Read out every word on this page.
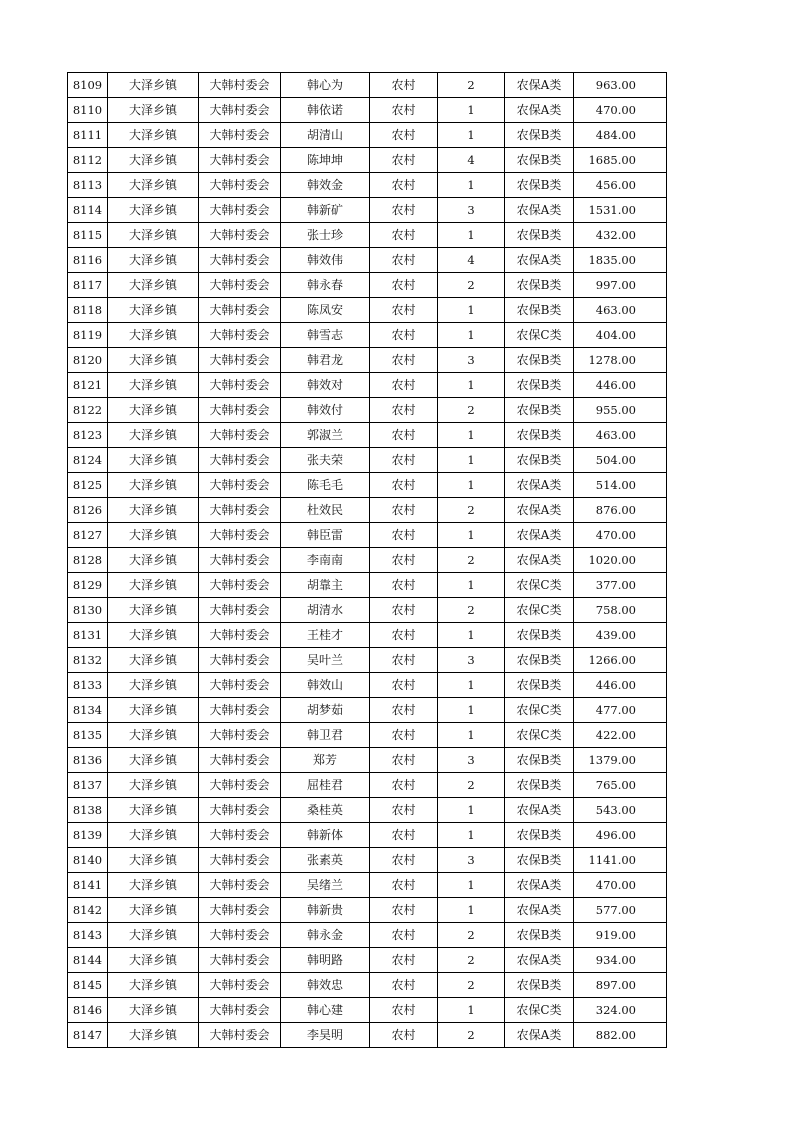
8109	大泽乡镇	大韩村委会	韩心为	农村	2	农保A类	963.00
8110	大泽乡镇	大韩村委会	韩依诺	农村	1	农保A类	470.00
8111	大泽乡镇	大韩村委会	胡清山	农村	1	农保B类	484.00
8112	大泽乡镇	大韩村委会	陈坤坤	农村	4	农保B类	1685.00
8113	大泽乡镇	大韩村委会	韩效金	农村	1	农保B类	456.00
8114	大泽乡镇	大韩村委会	韩新矿	农村	3	农保A类	1531.00
8115	大泽乡镇	大韩村委会	张士珍	农村	1	农保B类	432.00
8116	大泽乡镇	大韩村委会	韩效伟	农村	4	农保A类	1835.00
8117	大泽乡镇	大韩村委会	韩永春	农村	2	农保B类	997.00
8118	大泽乡镇	大韩村委会	陈凤安	农村	1	农保B类	463.00
8119	大泽乡镇	大韩村委会	韩雪志	农村	1	农保C类	404.00
8120	大泽乡镇	大韩村委会	韩君龙	农村	3	农保B类	1278.00
8121	大泽乡镇	大韩村委会	韩效对	农村	1	农保B类	446.00
8122	大泽乡镇	大韩村委会	韩效付	农村	2	农保B类	955.00
8123	大泽乡镇	大韩村委会	郭淑兰	农村	1	农保B类	463.00
8124	大泽乡镇	大韩村委会	张夫荣	农村	1	农保B类	504.00
8125	大泽乡镇	大韩村委会	陈毛毛	农村	1	农保A类	514.00
8126	大泽乡镇	大韩村委会	杜效民	农村	2	农保A类	876.00
8127	大泽乡镇	大韩村委会	韩臣雷	农村	1	农保A类	470.00
8128	大泽乡镇	大韩村委会	李南南	农村	2	农保A类	1020.00
8129	大泽乡镇	大韩村委会	胡靠主	农村	1	农保C类	377.00
8130	大泽乡镇	大韩村委会	胡清水	农村	2	农保C类	758.00
8131	大泽乡镇	大韩村委会	王桂才	农村	1	农保B类	439.00
8132	大泽乡镇	大韩村委会	吴叶兰	农村	3	农保B类	1266.00
8133	大泽乡镇	大韩村委会	韩效山	农村	1	农保B类	446.00
8134	大泽乡镇	大韩村委会	胡梦茹	农村	1	农保C类	477.00
8135	大泽乡镇	大韩村委会	韩卫君	农村	1	农保C类	422.00
8136	大泽乡镇	大韩村委会	郑芳	农村	3	农保B类	1379.00
8137	大泽乡镇	大韩村委会	屈桂君	农村	2	农保B类	765.00
8138	大泽乡镇	大韩村委会	桑桂英	农村	1	农保A类	543.00
8139	大泽乡镇	大韩村委会	韩新体	农村	1	农保B类	496.00
8140	大泽乡镇	大韩村委会	张素英	农村	3	农保B类	1141.00
8141	大泽乡镇	大韩村委会	吴绪兰	农村	1	农保A类	470.00
8142	大泽乡镇	大韩村委会	韩新贵	农村	1	农保A类	577.00
8143	大泽乡镇	大韩村委会	韩永金	农村	2	农保B类	919.00
8144	大泽乡镇	大韩村委会	韩明路	农村	2	农保A类	934.00
8145	大泽乡镇	大韩村委会	韩效忠	农村	2	农保B类	897.00
8146	大泽乡镇	大韩村委会	韩心建	农村	1	农保C类	324.00
8147	大泽乡镇	大韩村委会	李昊明	农村	2	农保A类	882.00
